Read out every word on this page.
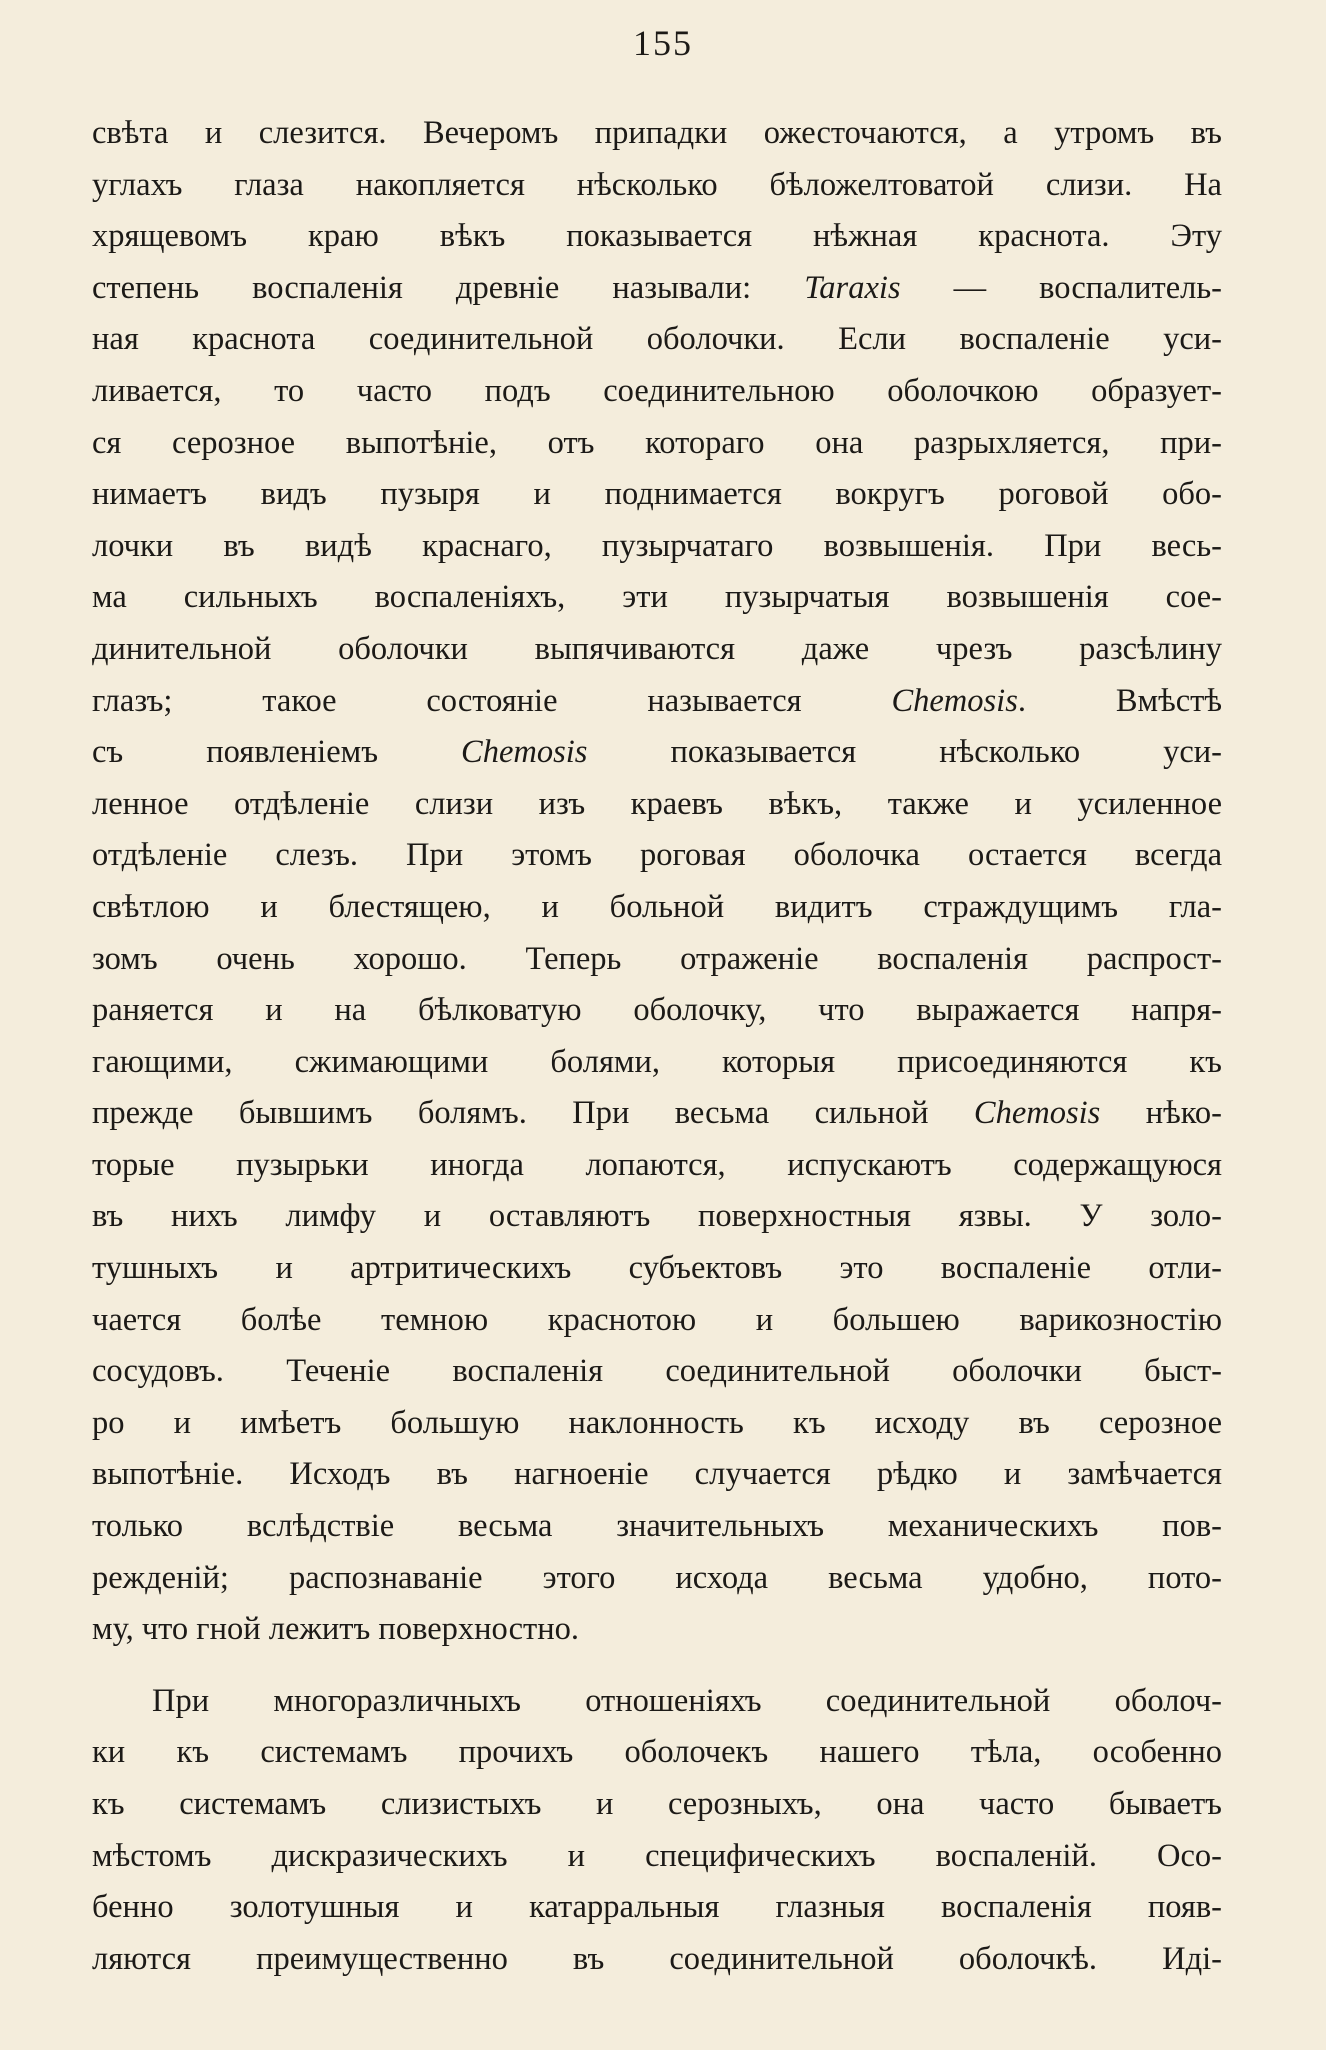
155
свѣта и слезится. Вечеромъ припадки ожесточаются, а утромъ въ
углахъ глаза накопляется нѣсколько бѣложелтоватой слизи. На
хрящевомъ краю вѣкъ показывается нѣжная краснота. Эту
степень воспаленія древніе называли: Taraxis — воспалитель-
ная краснота соединительной оболочки. Если воспаленіе уси-
ливается, то часто подъ соединительною оболочкою образует-
ся серозное выпотѣніе, отъ котораго она разрыхляется, при-
нимаетъ видъ пузыря и поднимается вокругъ роговой обо-
лочки въ видѣ краснаго, пузырчатаго возвышенія. При весь-
ма сильныхъ воспаленіяхъ, эти пузырчатыя возвышенія сое-
динительной оболочки выпячиваются даже чрезъ разсѣлину
глазъ; такое состояніе называется Chemosis. Вмѣстѣ
съ появленіемъ Chemosis показывается нѣсколько уси-
ленное отдѣленіе слизи изъ краевъ вѣкъ, также и усиленное
отдѣленіе слезъ. При этомъ роговая оболочка остается всегда
свѣтлою и блестящею, и больной видитъ страждущимъ гла-
зомъ очень хорошо. Теперь отраженіе воспаленія распрост-
раняется и на бѣлковатую оболочку, что выражается напря-
гающими, сжимающими болями, которыя присоединяются къ
прежде бывшимъ болямъ. При весьма сильной Chemosis нѣко-
торые пузырьки иногда лопаются, испускаютъ содержащуюся
въ нихъ лимфу и оставляютъ поверхностныя язвы. У золо-
тушныхъ и артритическихъ субъектовъ это воспаленіе отли-
чается болѣе темною краснотою и большею варикозностію
сосудовъ. Теченіе воспаленія соединительной оболочки быст-
ро и имѣетъ большую наклонность къ исходу въ серозное
выпотѣніе. Исходъ въ нагноеніе случается рѣдко и замѣчается
только вслѣдствіе весьма значительныхъ механическихъ пов-
режденій; распознаваніе этого исхода весьма удобно, пото-
му, что гной лежитъ поверхностно.
При многоразличныхъ отношеніяхъ соединительной оболоч-
ки къ системамъ прочихъ оболочекъ нашего тѣла, особенно
къ системамъ слизистыхъ и серозныхъ, она часто бываетъ
мѣстомъ дискразическихъ и специфическихъ воспаленій. Осо-
бенно золотушныя и катарральныя глазныя воспаленія появ-
ляются преимущественно въ соединительной оболочкѣ. Иді-
